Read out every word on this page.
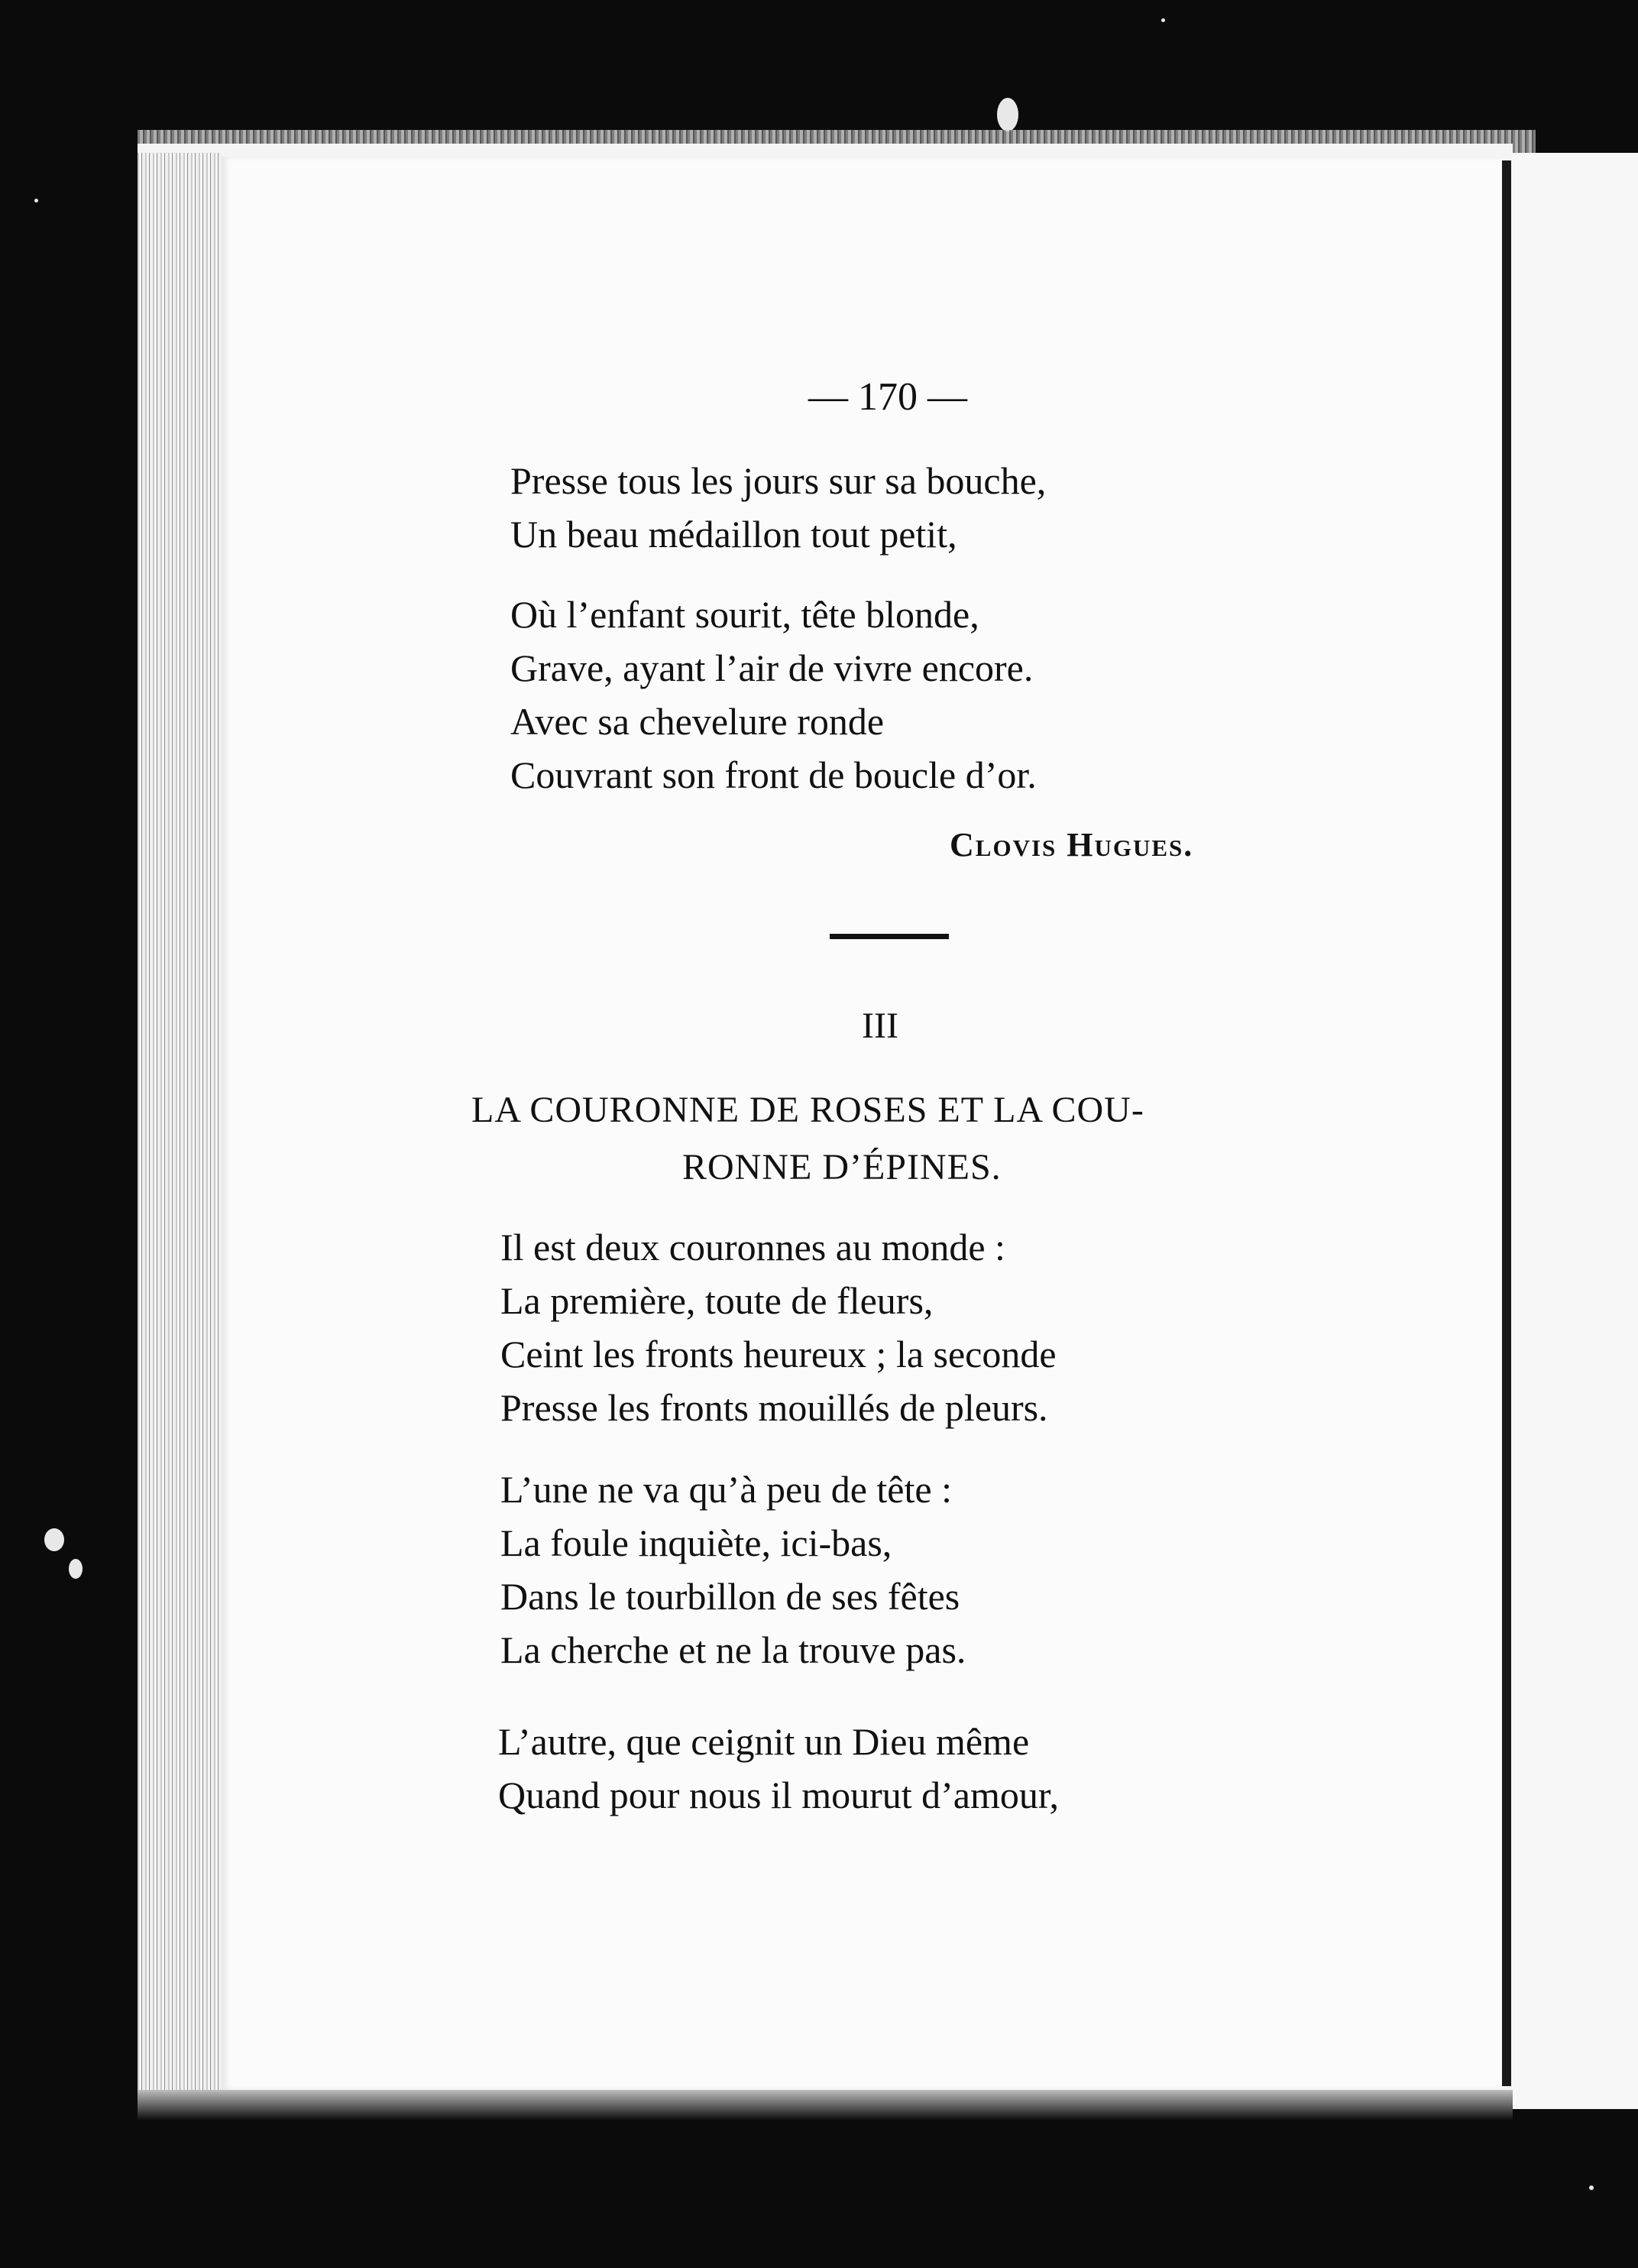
— 170 —
Presse tous les jours sur sa bouche,
Un beau médaillon tout petit,
Où l’enfant sourit, tête blonde,
Grave, ayant l’air de vivre encore.
Avec sa chevelure ronde
Couvrant son front de boucle d’or.
Clovis Hugues.
III
LA COURONNE DE ROSES ET LA COU-
RONNE D’ÉPINES.
Il est deux couronnes au monde :
La première, toute de fleurs,
Ceint les fronts heureux ; la seconde
Presse les fronts mouillés de pleurs.
L’une ne va qu’à peu de tête :
La foule inquiète, ici-bas,
Dans le tourbillon de ses fêtes
La cherche et ne la trouve pas.
L’autre, que ceignit un Dieu même
Quand pour nous il mourut d’amour,
